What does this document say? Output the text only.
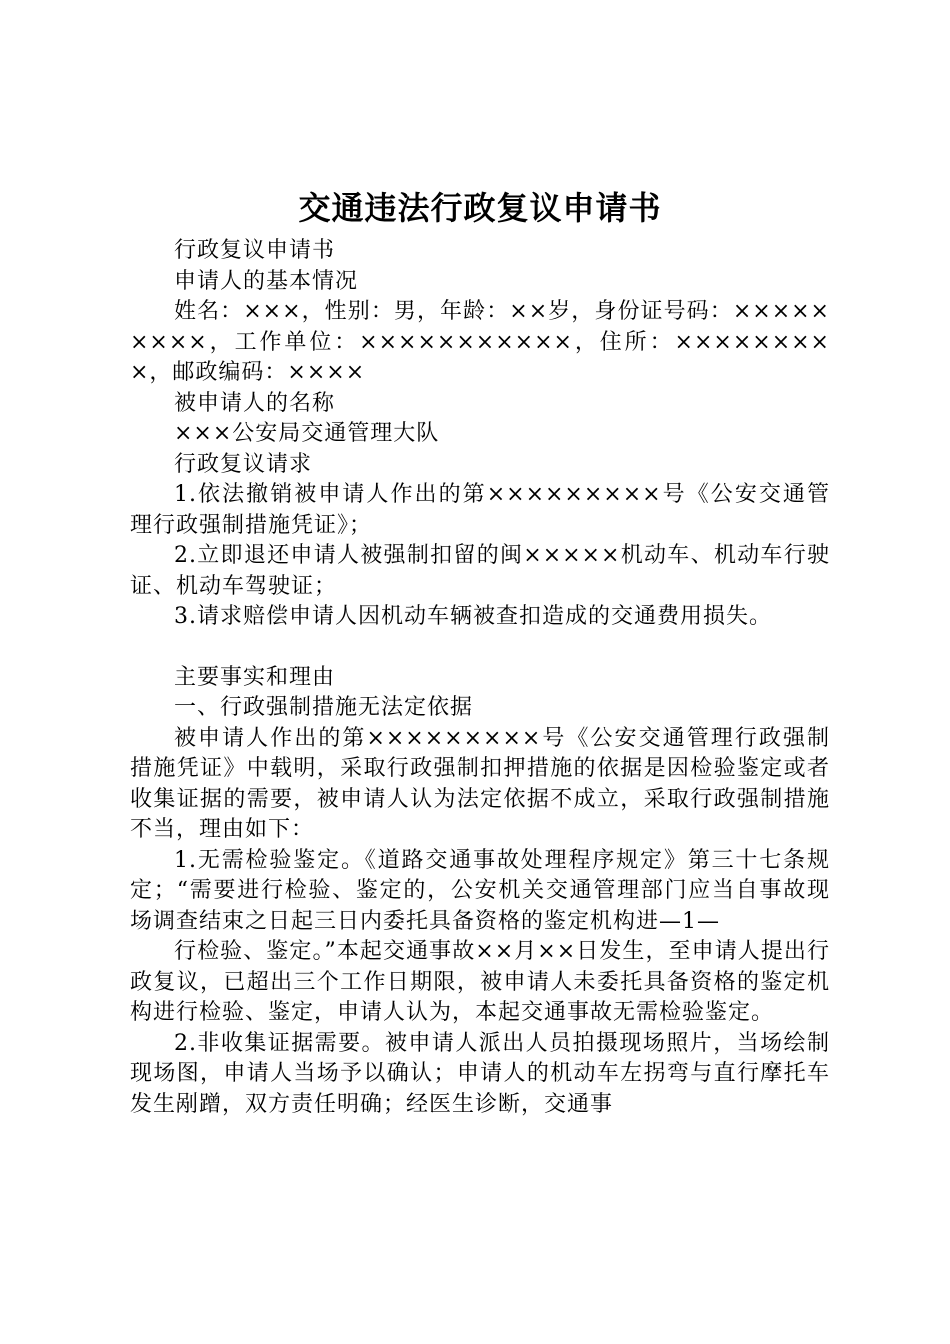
交通违法行政复议申请书

行政复议申请书

申请人的基本情况

姓名：×××，性别：男，年龄：××岁，身份证号码：×××××××××，工作单位：×××××××××××，住所：×××××××××，邮政编码：××××

被申请人的名称

×××公安局交通管理大队

行政复议请求

1.依法撤销被申请人作出的第×××××××××号《公安交通管理行政强制措施凭证》；

2.立即退还申请人被强制扣留的闽×××××机动车、机动车行驶证、机动车驾驶证；

3.请求赔偿申请人因机动车辆被查扣造成的交通费用损失。

主要事实和理由

一、行政强制措施无法定依据

被申请人作出的第×××××××××号《公安交通管理行政强制措施凭证》中载明，采取行政强制扣押措施的依据是因检验鉴定或者收集证据的需要，被申请人认为法定依据不成立，采取行政强制措施不当，理由如下：

1.无需检验鉴定。《道路交通事故处理程序规定》第三十七条规定；“需要进行检验、鉴定的，公安机关交通管理部门应当自事故现场调查结束之日起三日内委托具备资格的鉴定机构进—1—

行检验、鉴定。”本起交通事故××月××日发生，至申请人提出行政复议，已超出三个工作日期限，被申请人未委托具备资格的鉴定机构进行检验、鉴定，申请人认为，本起交通事故无需检验鉴定。

2.非收集证据需要。被申请人派出人员拍摄现场照片，当场绘制现场图，申请人当场予以确认；申请人的机动车左拐弯与直行摩托车发生剐蹭，双方责任明确；经医生诊断，交通事
